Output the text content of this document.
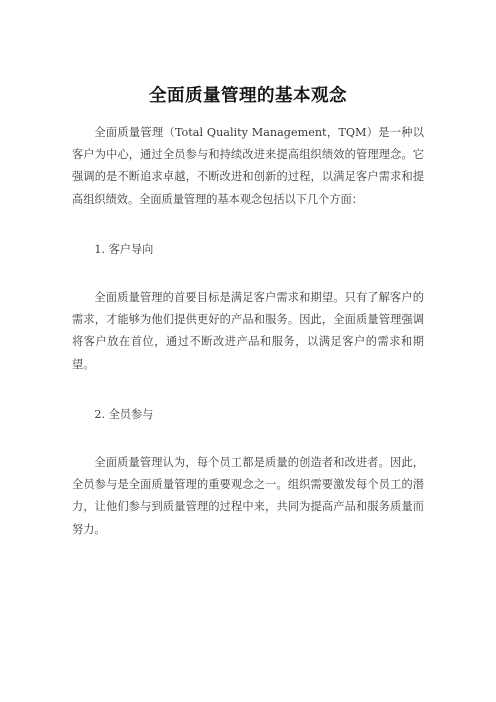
全面质量管理的基本观念

全面质量管理（Total Quality Management，TQM）是一种以客户为中心，通过全员参与和持续改进来提高组织绩效的管理理念。它强调的是不断追求卓越，不断改进和创新的过程，以满足客户需求和提高组织绩效。全面质量管理的基本观念包括以下几个方面：

1. 客户导向

全面质量管理的首要目标是满足客户需求和期望。只有了解客户的需求，才能够为他们提供更好的产品和服务。因此，全面质量管理强调将客户放在首位，通过不断改进产品和服务，以满足客户的需求和期望。

2. 全员参与

全面质量管理认为，每个员工都是质量的创造者和改进者。因此，全员参与是全面质量管理的重要观念之一。组织需要激发每个员工的潜力，让他们参与到质量管理的过程中来，共同为提高产品和服务质量而努力。
